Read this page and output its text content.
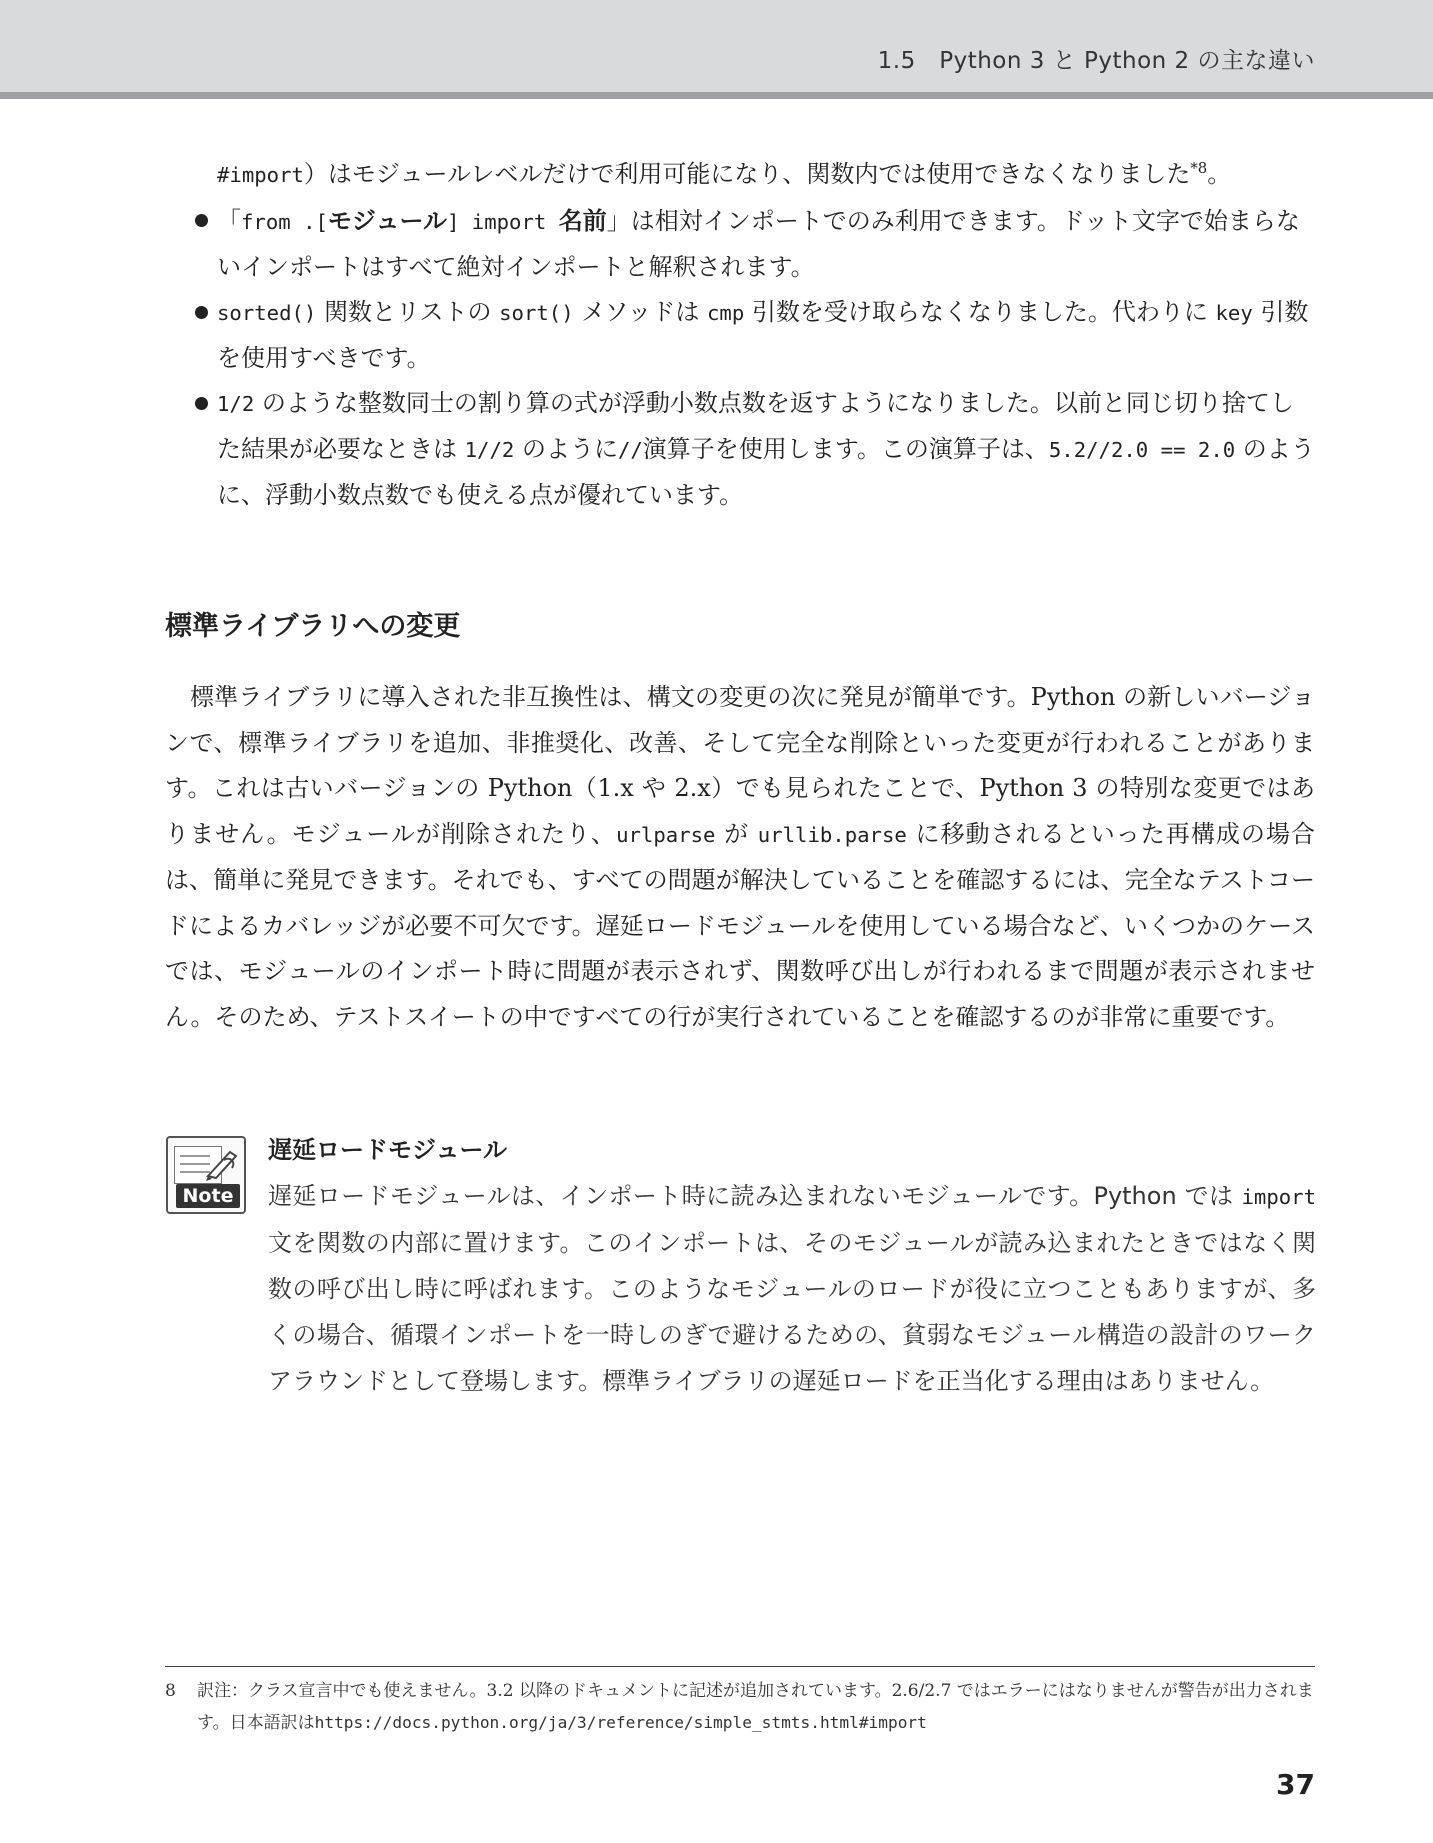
1.5　Python 3 と Python 2 の主な違い
#import）はモジュールレベルだけで利用可能になり、関数内では使用できなくなりました$^{*8}$。
「from .[モジュール] import 名前」は相対インポートでのみ利用できます。ドット文字で始まらないインポートはすべて絶対インポートと解釈されます。
sorted() 関数とリストの sort() メソッドは cmp 引数を受け取らなくなりました。代わりに key 引数を使用すべきです。
1/2 のような整数同士の割り算の式が浮動小数点数を返すようになりました。以前と同じ切り捨てした結果が必要なときは 1//2 のように//演算子を使用します。この演算子は、5.2//2.0 == 2.0 のように、浮動小数点数でも使える点が優れています。
標準ライブラリへの変更
標準ライブラリに導入された非互換性は、構文の変更の次に発見が簡単です。Python の新しいバージョンで、標準ライブラリを追加、非推奨化、改善、そして完全な削除といった変更が行われることがあります。これは古いバージョンの Python（1.x や 2.x）でも見られたことで、Python 3 の特別な変更ではありません。モジュールが削除されたり、urlparse が urllib.parse に移動されるといった再構成の場合は、簡単に発見できます。それでも、すべての問題が解決していることを確認するには、完全なテストコードによるカバレッジが必要不可欠です。遅延ロードモジュールを使用している場合など、いくつかのケースでは、モジュールのインポート時に問題が表示されず、関数呼び出しが行われるまで問題が表示されません。そのため、テストスイートの中ですべての行が実行されていることを確認するのが非常に重要です。
Note
遅延ロードモジュール
遅延ロードモジュールは、インポート時に読み込まれないモジュールです。Python では import 文を関数の内部に置けます。このインポートは、そのモジュールが読み込まれたときではなく関数の呼び出し時に呼ばれます。このようなモジュールのロードが役に立つこともありますが、多くの場合、循環インポートを一時しのぎで避けるための、貧弱なモジュール構造の設計のワークアラウンドとして登場します。標準ライブラリの遅延ロードを正当化する理由はありません。
8	訳注：クラス宣言中でも使えません。3.2 以降のドキュメントに記述が追加されています。2.6/2.7 ではエラーにはなりませんが警告が出力されます。日本語訳はhttps://docs.python.org/ja/3/reference/simple_stmts.html#import
37
